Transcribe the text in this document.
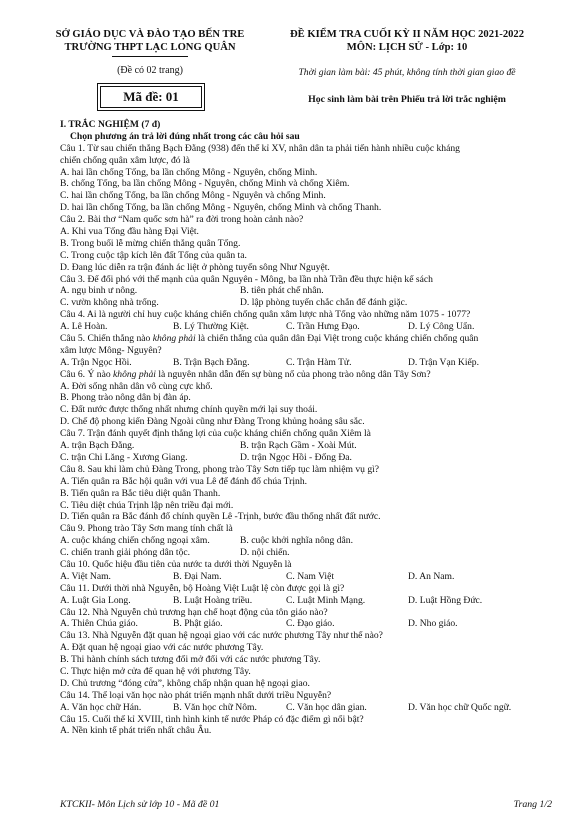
SỞ GIÁO DỤC VÀ ĐÀO TẠO BẾN TRE
TRƯỜNG THPT LẠC LONG QUÂN
(Đề có 02 trang)
Mã đề: 01
ĐỀ KIỂM TRA CUỐI KỲ II NĂM HỌC 2021-2022
MÔN: LỊCH SỬ - Lớp: 10
Thời gian làm bài: 45 phút, không tính thời gian giao đề
Học sinh làm bài trên Phiếu trả lời trắc nghiệm
I. TRẮC NGHIỆM (7 đ)
Chọn phương án trả lời đúng nhất trong các câu hỏi sau
Câu 1. Từ sau chiến thắng Bạch Đằng (938) đến thế kỉ XV, nhân dân ta phải tiến hành nhiều cuộc kháng
chiến chống quân xâm lược, đó là
A. hai lần chống Tống, ba lần chống Mông - Nguyên, chống Minh.
B. chống Tống, ba lần chống Mông - Nguyên, chống Minh và chống Xiêm.
C. hai lần chống Tống, ba lần chống Mông - Nguyên và chống Minh.
D. hai lần chống Tống, ba lần chống Mông - Nguyên, chống Minh và chống Thanh.
Câu 2. Bài thơ “Nam quốc sơn hà” ra đời trong hoàn cảnh nào?
A. Khi vua Tống đầu hàng Đại Việt.
B. Trong buổi lễ mừng chiến thắng quân Tống.
C. Trong cuộc tập kích lên đất Tống của quân ta.
D. Đang lúc diễn ra trận đánh ác liệt ở phòng tuyến sông Như Nguyệt.
Câu 3. Để đối phó với thế mạnh của quân Nguyên - Mông, ba lần nhà Trần đều thực hiện kế sách
A. ngụ binh ư nông.	B. tiên phát chế nhân.
C. vườn không nhà trống.	D. lập phòng tuyến chắc chắn để đánh giặc.
Câu 4. Ai là người chỉ huy cuộc kháng chiến chống quân xâm lược nhà Tống vào những năm 1075 - 1077?
A. Lê Hoàn.	B. Lý Thường Kiệt.	C. Trần Hưng Đạo.	D. Lý Công Uẩn.
Câu 5. Chiến thắng nào không phải là chiến thắng của quân dân Đại Việt trong cuộc kháng chiến chống quân
xâm lược Mông- Nguyên?
A. Trận Ngọc Hồi.	B. Trận Bạch Đằng.	C. Trận Hàm Tử.	D. Trận Vạn Kiếp.
Câu 6. Ý nào không phải là nguyên nhân dẫn đến sự bùng nổ của phong trào nông dân Tây Sơn?
A. Đời sống nhân dân vô cùng cực khổ.
B. Phong trào nông dân bị đàn áp.
C. Đất nước được thống nhất nhưng chính quyền mới lại suy thoái.
D. Chế độ phong kiến Đàng Ngoài cũng như Đàng Trong khủng hoảng sâu sắc.
Câu 7. Trận đánh quyết định thắng lợi của cuộc kháng chiến chống quân Xiêm là
A. trận Bạch Đằng.	B. trận Rạch Gầm - Xoài Mút.
C. trận Chi Lăng - Xương Giang.	D. trận Ngọc Hồi - Đống Đa.
Câu 8. Sau khi làm chủ Đàng Trong, phong trào Tây Sơn tiếp tục làm nhiệm vụ gì?
A. Tiến quân ra Bắc hội quân với vua Lê để đánh đổ chúa Trịnh.
B. Tiến quân ra Bắc tiêu diệt quân Thanh.
C. Tiêu diệt chúa Trịnh lập nên triều đại mới.
D. Tiến quân ra Bắc đánh đổ chính quyền Lê -Trịnh, bước đầu thống nhất đất nước.
Câu 9. Phong trào Tây Sơn mang tính chất là
A. cuộc kháng chiến chống ngoại xâm.	B. cuộc khởi nghĩa nông dân.
C. chiến tranh giải phóng dân tộc.	D. nội chiến.
Câu 10. Quốc hiệu đầu tiên của nước ta dưới thời Nguyễn là
A. Việt Nam.	B. Đại Nam.	C. Nam Việt	D. An Nam.
Câu 11. Dưới thời nhà Nguyễn, bộ Hoàng Việt Luật lệ còn được gọi là gì?
A. Luật Gia Long.	B. Luật Hoàng triều.	C. Luật Minh Mạng.	D. Luật Hồng Đức.
Câu 12. Nhà Nguyễn chủ trương hạn chế hoạt động của tôn giáo nào?
A. Thiên Chúa giáo.	B. Phật giáo.	C. Đạo giáo.	D. Nho giáo.
Câu 13. Nhà Nguyễn đặt quan hệ ngoại giao với các nước phương Tây như thế nào?
A. Đặt quan hệ ngoại giao với các nước phương Tây.
B. Thi hành chính sách tương đối mở đối với các nước phương Tây.
C. Thực hiện mở cửa để quan hệ với phương Tây.
D. Chủ trương “đóng cửa”, không chấp nhận quan hệ ngoại giao.
Câu 14. Thể loại văn học nào phát triển mạnh nhất dưới triều Nguyễn?
A. Văn học chữ Hán.	B. Văn học chữ Nôm.	C. Văn học dân gian.	D. Văn học chữ Quốc ngữ.
Câu 15. Cuối thế kỉ XVIII, tình hình kinh tế nước Pháp có đặc điểm gì nổi bật?
A. Nền kinh tế phát triển nhất châu Âu.
KTCKII- Môn Lịch sử lớp 10 - Mã đề 01	Trang 1/2
